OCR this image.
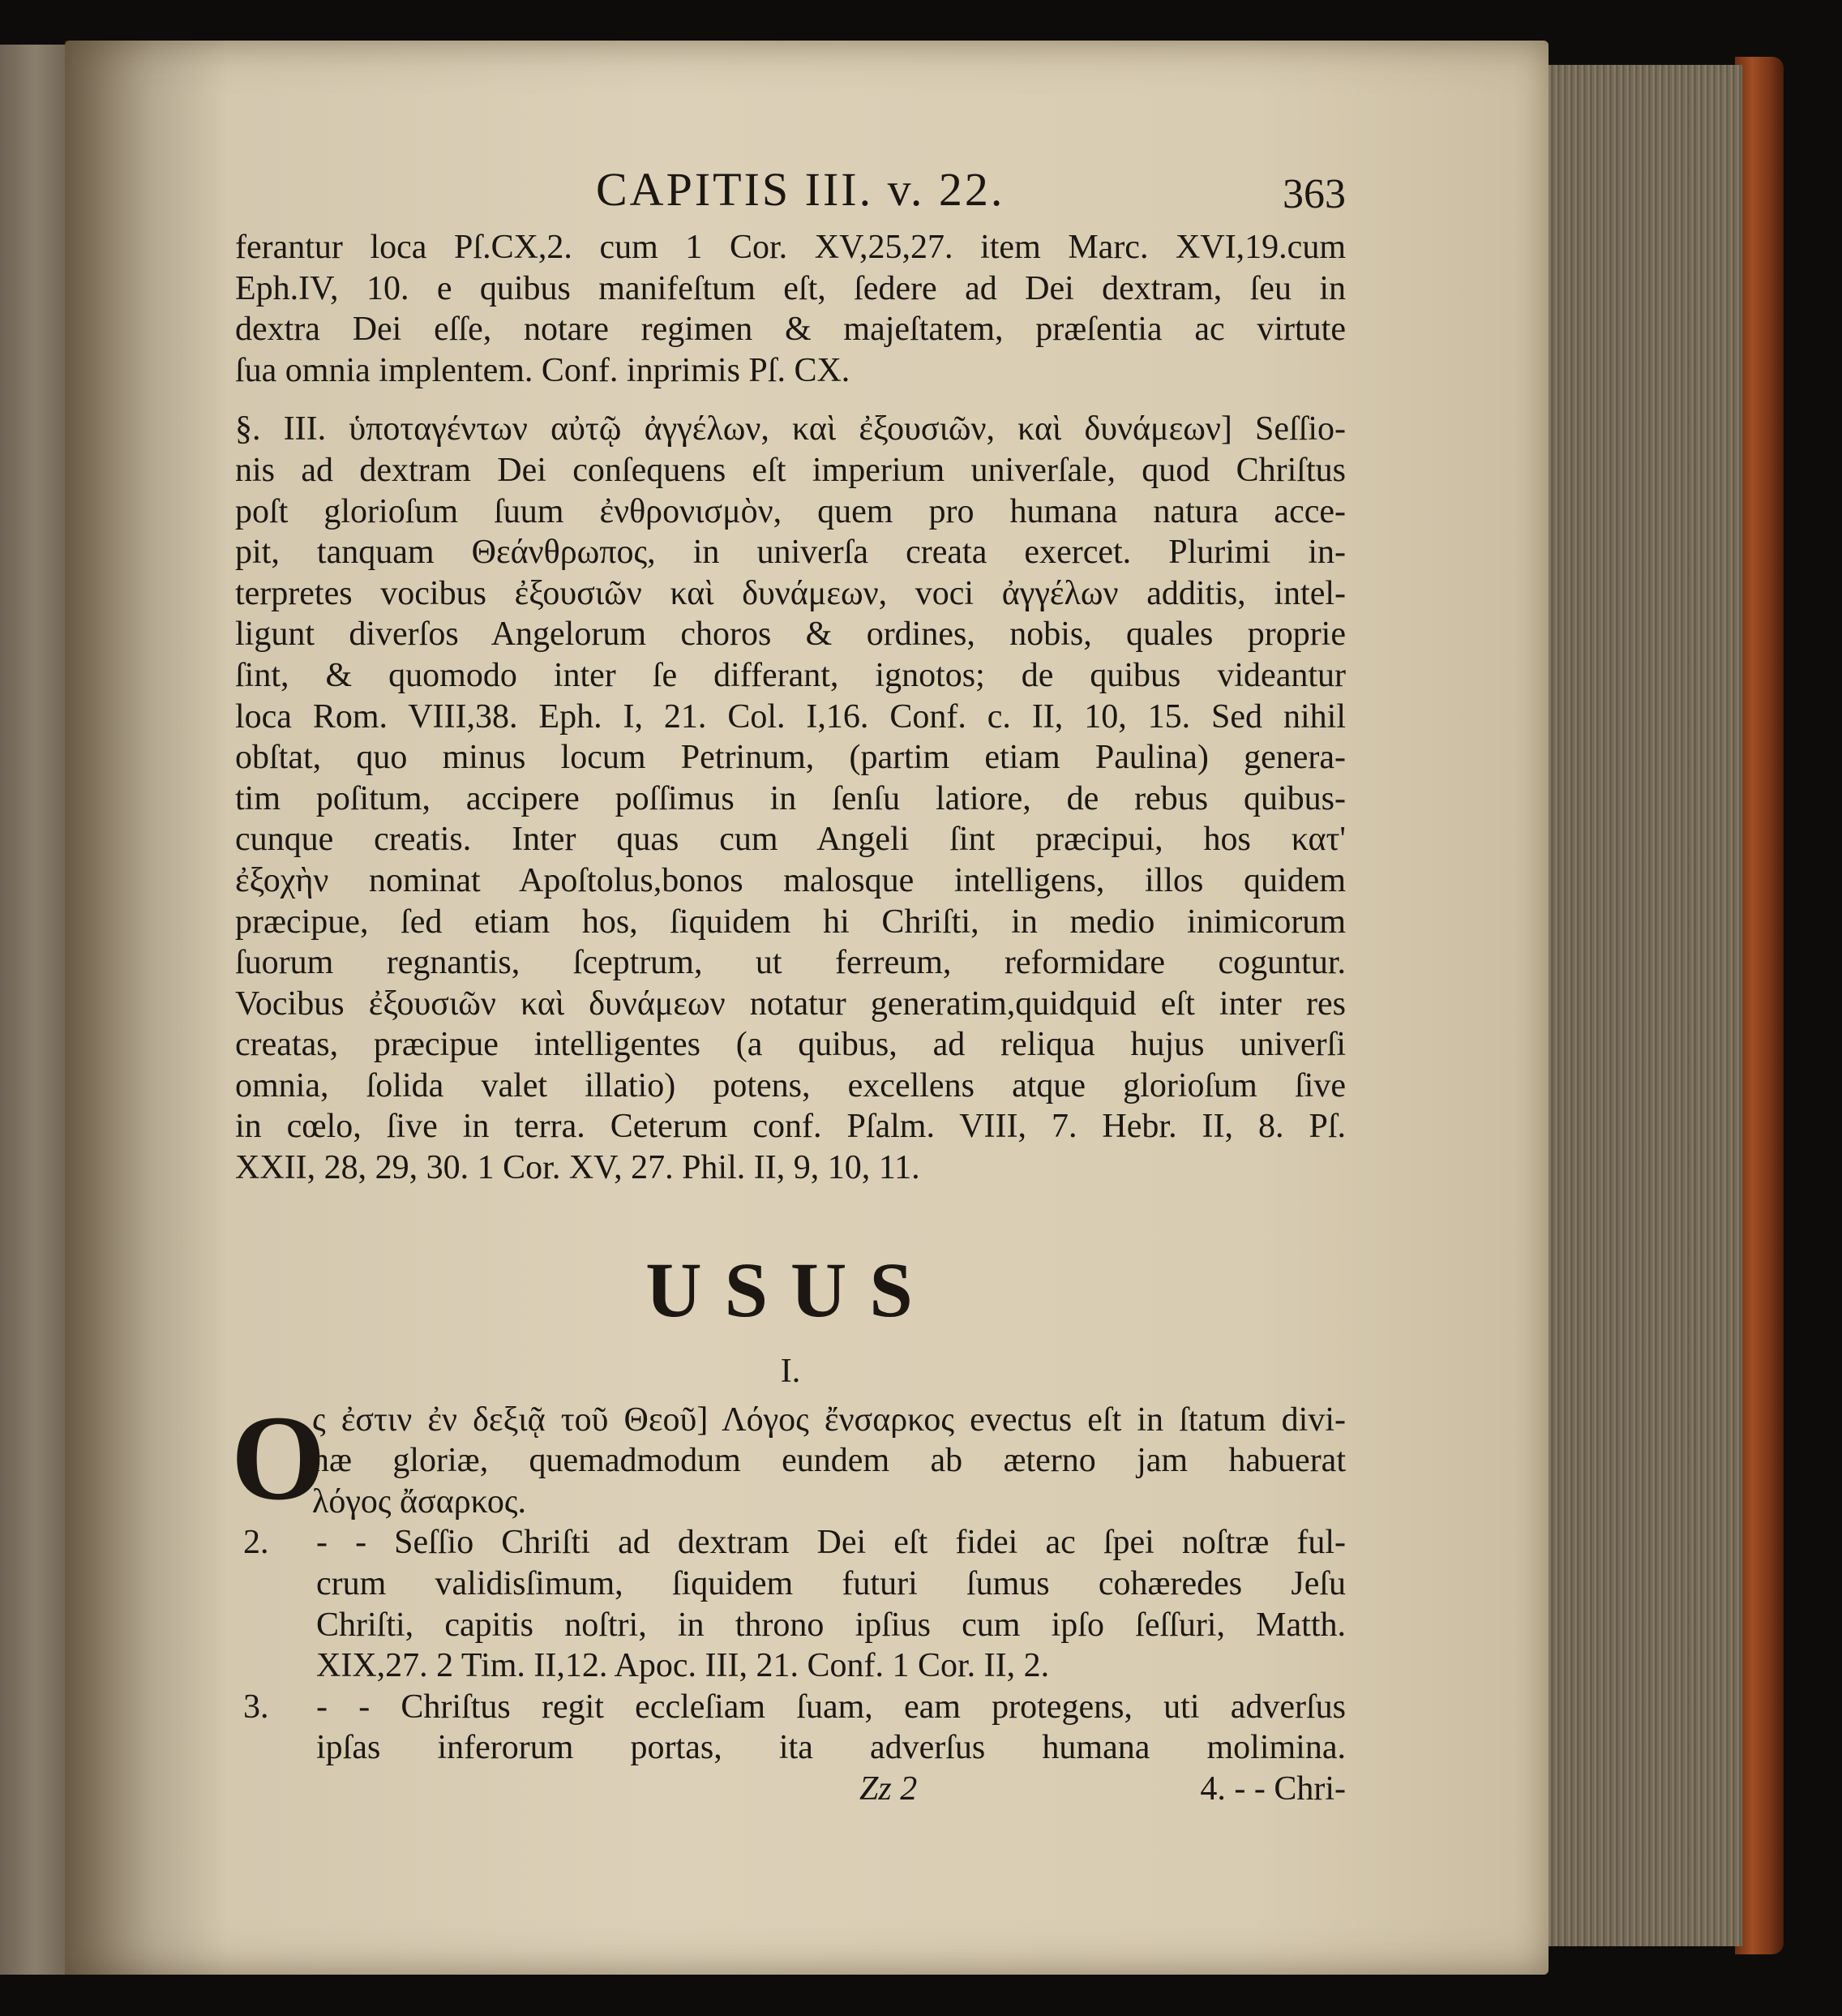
CAPITIS III. v. 22.	363
ferantur loca Pſ.CX,2. cum 1 Cor. XV,25,27. item Marc. XVI,19.cum
Eph.IV, 10. e quibus manifeſtum eſt, ſedere ad Dei dextram, ſeu in
dextra Dei eſſe, notare regimen & majeſtatem, præſentia ac virtute
ſua omnia implentem. Conf. inprimis Pſ. CX.
§. III. ὑποταγέντων αὐτῷ ἀγγέλων, καὶ ἐξουσιῶν, καὶ δυνάμεων] Seſſio-
nis ad dextram Dei conſequens eſt imperium univerſale, quod Chriſtus
poſt glorioſum ſuum ἐνθρονισμὸν, quem pro humana natura acce-
pit, tanquam Θεάνθρωπος, in univerſa creata exercet. Plurimi in-
terpretes vocibus ἐξουσιῶν καὶ δυνάμεων, voci ἀγγέλων additis, intel-
ligunt diverſos Angelorum choros & ordines, nobis, quales proprie
ſint, & quomodo inter ſe differant, ignotos; de quibus videantur
loca Rom. VIII,38. Eph. I, 21. Col. I,16. Conf. c. II, 10, 15. Sed nihil
obſtat, quo minus locum Petrinum, (partim etiam Paulina) genera-
tim poſitum, accipere poſſimus in ſenſu latiore, de rebus quibus-
cunque creatis. Inter quas cum Angeli ſint præcipui, hos κατ'
ἐξοχὴν nominat Apoſtolus,bonos malosque intelligens, illos quidem
præcipue, ſed etiam hos, ſiquidem hi Chriſti, in medio inimicorum
ſuorum regnantis, ſceptrum, ut ferreum, reformidare coguntur.
Vocibus ἐξουσιῶν καὶ δυνάμεων notatur generatim,quidquid eſt inter res
creatas, præcipue intelligentes (a quibus, ad reliqua hujus univerſi
omnia, ſolida valet illatio) potens, excellens atque glorioſum ſive
in cœlo, ſive in terra. Ceterum conf. Pſalm. VIII, 7. Hebr. II, 8. Pſ.
XXII, 28, 29, 30. 1 Cor. XV, 27. Phil. II, 9, 10, 11.
USUS
I.
O
ς ἐστιν ἐν δεξιᾷ τοῦ Θεοῦ] Λόγος ἔνσαρκος evectus eſt in ſtatum divi-
næ gloriæ, quemadmodum eundem ab æterno jam habuerat
λόγος ἄσαρκος.
2.	- - Seſſio Chriſti ad dextram Dei eſt fidei ac ſpei noſtræ ful-
crum validisſimum, ſiquidem futuri ſumus cohæredes Jeſu
Chriſti, capitis noſtri, in throno ipſius cum ipſo ſeſſuri, Matth.
XIX,27. 2 Tim. II,12. Apoc. III, 21. Conf. 1 Cor. II, 2.
3.	- - Chriſtus regit eccleſiam ſuam, eam protegens, uti adverſus
ipſas inferorum portas, ita adverſus humana molimina.
Zz 2	4. - - Chri-
